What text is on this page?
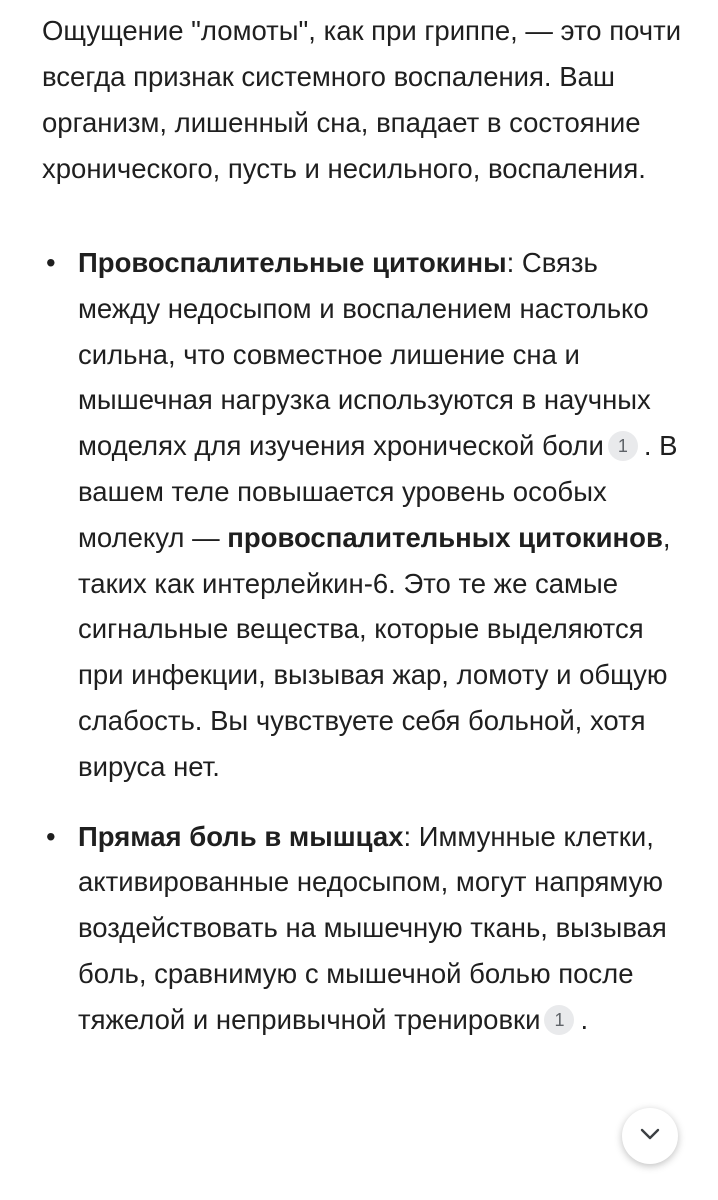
Ощущение "ломоты", как при гриппе, — это почти всегда признак системного воспаления. Ваш организм, лишенный сна, впадает в состояние хронического, пусть и несильного, воспаления.

• Провоспалительные цитокины: Связь между недосыпом и воспалением настолько сильна, что совместное лишение сна и мышечная нагрузка используются в научных моделях для изучения хронической боли 1 . В вашем теле повышается уровень особых молекул — провоспалительных цитокинов, таких как интерлейкин-6. Это те же самые сигнальные вещества, которые выделяются при инфекции, вызывая жар, ломоту и общую слабость. Вы чувствуете себя больной, хотя вируса нет.
• Прямая боль в мышцах: Иммунные клетки, активированные недосыпом, могут напрямую воздействовать на мышечную ткань, вызывая боль, сравнимую с мышечной болью после тяжелой и непривычной тренировки 1 .
